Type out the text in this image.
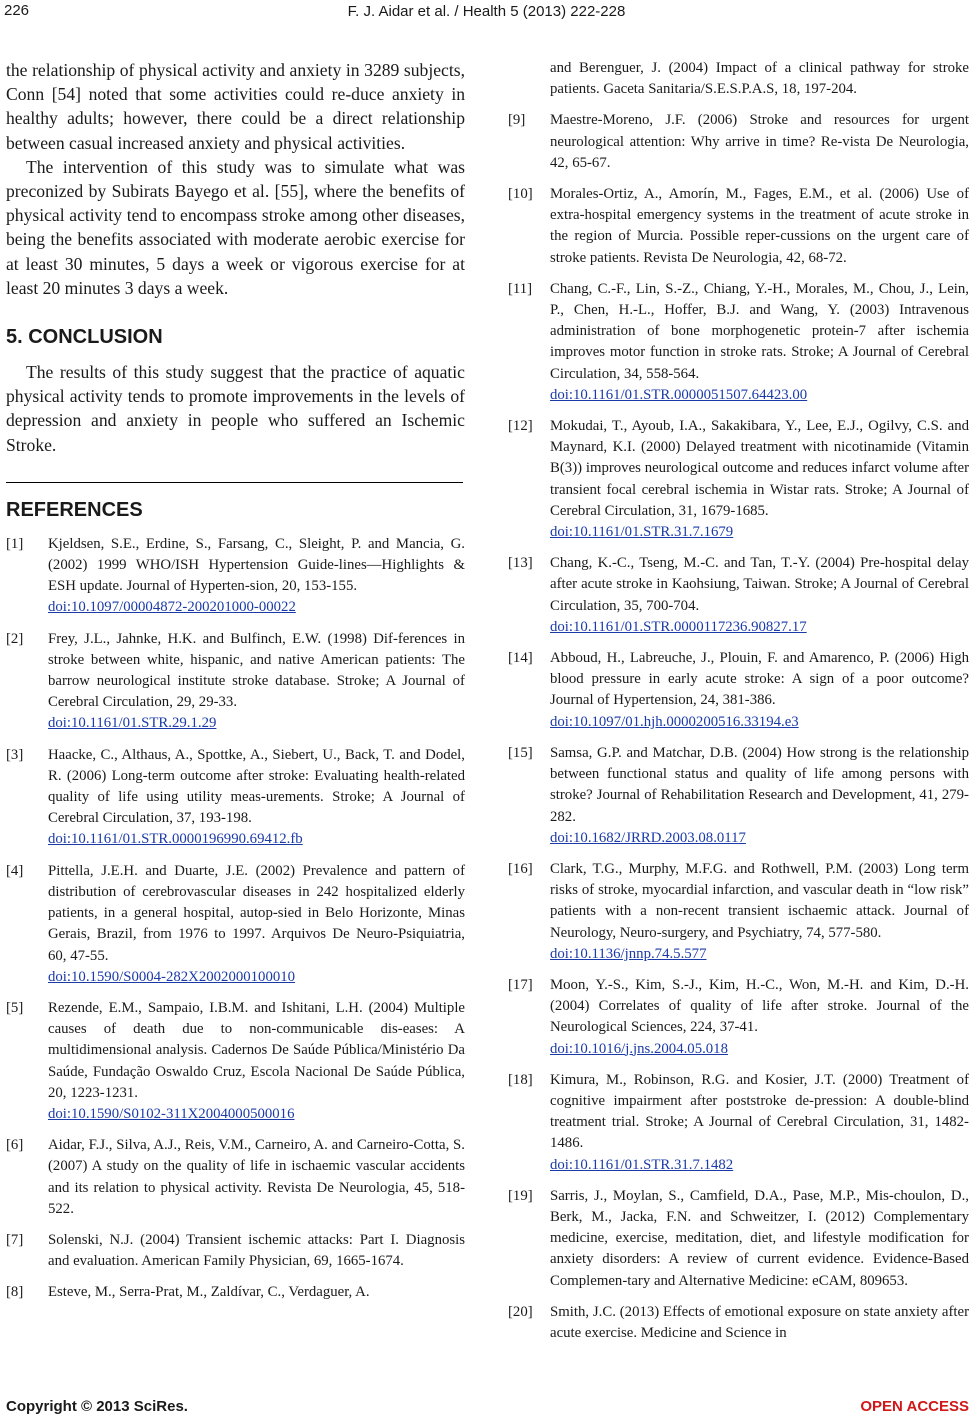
226	F. J. Aidar et al. / Health 5 (2013) 222-228

the relationship of physical activity and anxiety in 3289 subjects, Conn [54] noted that some activities could re-duce anxiety in healthy adults; however, there could be a direct relationship between casual increased anxiety and physical activities.

The intervention of this study was to simulate what was preconized by Subirats Bayego et al. [55], where the benefits of physical activity tend to encompass stroke among other diseases, being the benefits associated with moderate aerobic exercise for at least 30 minutes, 5 days a week or vigorous exercise for at least 20 minutes 3 days a week.

5. CONCLUSION

The results of this study suggest that the practice of aquatic physical activity tends to promote improvements in the levels of depression and anxiety in people who suffered an Ischemic Stroke.

REFERENCES
[1]	Kjeldsen, S.E., Erdine, S., Farsang, C., Sleight, P. and Mancia, G. (2002) 1999 WHO/ISH Hypertension Guide-lines—Highlights & ESH update. Journal of Hyperten-sion, 20, 153-155.
doi:10.1097/00004872-200201000-00022
[2]	Frey, J.L., Jahnke, H.K. and Bulfinch, E.W. (1998) Dif-ferences in stroke between white, hispanic, and native American patients: The barrow neurological institute stroke database. Stroke; A Journal of Cerebral Circulation, 29, 29-33.
doi:10.1161/01.STR.29.1.29
[3]	Haacke, C., Althaus, A., Spottke, A., Siebert, U., Back, T. and Dodel, R. (2006) Long-term outcome after stroke: Evaluating health-related quality of life using utility meas-urements. Stroke; A Journal of Cerebral Circulation, 37, 193-198.
doi:10.1161/01.STR.0000196990.69412.fb
[4]	Pittella, J.E.H. and Duarte, J.E. (2002) Prevalence and pattern of distribution of cerebrovascular diseases in 242 hospitalized elderly patients, in a general hospital, autop-sied in Belo Horizonte, Minas Gerais, Brazil, from 1976 to 1997. Arquivos De Neuro-Psiquiatria, 60, 47-55.
doi:10.1590/S0004-282X2002000100010
[5]	Rezende, E.M., Sampaio, I.B.M. and Ishitani, L.H. (2004) Multiple causes of death due to non-communicable dis-eases: A multidimensional analysis. Cadernos De Saúde Pública/Ministério Da Saúde, Fundação Oswaldo Cruz, Escola Nacional De Saúde Pública, 20, 1223-1231.
doi:10.1590/S0102-311X2004000500016
[6]	Aidar, F.J., Silva, A.J., Reis, V.M., Carneiro, A. and Carneiro-Cotta, S. (2007) A study on the quality of life in ischaemic vascular accidents and its relation to physical activity. Revista De Neurologia, 45, 518-522.
[7]	Solenski, N.J. (2004) Transient ischemic attacks: Part I. Diagnosis and evaluation. American Family Physician, 69, 1665-1674.
[8]	Esteve, M., Serra-Prat, M., Zaldívar, C., Verdaguer, A.
and Berenguer, J. (2004) Impact of a clinical pathway for stroke patients. Gaceta Sanitaria/S.E.S.P.A.S, 18, 197-204.
[9]	Maestre-Moreno, J.F. (2006) Stroke and resources for urgent neurological attention: Why arrive in time? Re-vista De Neurologia, 42, 65-67.
[10]	Morales-Ortiz, A., Amorín, M., Fages, E.M., et al. (2006) Use of extra-hospital emergency systems in the treatment of acute stroke in the region of Murcia. Possible reper-cussions on the urgent care of stroke patients. Revista De Neurologia, 42, 68-72.
[11]	Chang, C.-F., Lin, S.-Z., Chiang, Y.-H., Morales, M., Chou, J., Lein, P., Chen, H.-L., Hoffer, B.J. and Wang, Y. (2003) Intravenous administration of bone morphogenetic protein-7 after ischemia improves motor function in stroke rats. Stroke; A Journal of Cerebral Circulation, 34, 558-564.
doi:10.1161/01.STR.0000051507.64423.00
[12]	Mokudai, T., Ayoub, I.A., Sakakibara, Y., Lee, E.J., Ogilvy, C.S. and Maynard, K.I. (2000) Delayed treatment with nicotinamide (Vitamin B(3)) improves neurological outcome and reduces infarct volume after transient focal cerebral ischemia in Wistar rats. Stroke; A Journal of Cerebral Circulation, 31, 1679-1685.
doi:10.1161/01.STR.31.7.1679
[13]	Chang, K.-C., Tseng, M.-C. and Tan, T.-Y. (2004) Pre-hospital delay after acute stroke in Kaohsiung, Taiwan. Stroke; A Journal of Cerebral Circulation, 35, 700-704.
doi:10.1161/01.STR.0000117236.90827.17
[14]	Abboud, H., Labreuche, J., Plouin, F. and Amarenco, P. (2006) High blood pressure in early acute stroke: A sign of a poor outcome? Journal of Hypertension, 24, 381-386.
doi:10.1097/01.hjh.0000200516.33194.e3
[15]	Samsa, G.P. and Matchar, D.B. (2004) How strong is the relationship between functional status and quality of life among persons with stroke? Journal of Rehabilitation Research and Development, 41, 279-282.
doi:10.1682/JRRD.2003.08.0117
[16]	Clark, T.G., Murphy, M.F.G. and Rothwell, P.M. (2003) Long term risks of stroke, myocardial infarction, and vascular death in “low risk” patients with a non-recent transient ischaemic attack. Journal of Neurology, Neuro-surgery, and Psychiatry, 74, 577-580.
doi:10.1136/jnnp.74.5.577
[17]	Moon, Y.-S., Kim, S.-J., Kim, H.-C., Won, M.-H. and Kim, D.-H. (2004) Correlates of quality of life after stroke. Journal of the Neurological Sciences, 224, 37-41.
doi:10.1016/j.jns.2004.05.018
[18]	Kimura, M., Robinson, R.G. and Kosier, J.T. (2000) Treatment of cognitive impairment after poststroke de-pression: A double-blind treatment trial. Stroke; A Journal of Cerebral Circulation, 31, 1482-1486.
doi:10.1161/01.STR.31.7.1482
[19]	Sarris, J., Moylan, S., Camfield, D.A., Pase, M.P., Mis-choulon, D., Berk, M., Jacka, F.N. and Schweitzer, I. (2012) Complementary medicine, exercise, meditation, diet, and lifestyle modification for anxiety disorders: A review of current evidence. Evidence-Based Complemen-tary and Alternative Medicine: eCAM, 809653.
[20]	Smith, J.C. (2013) Effects of emotional exposure on state anxiety after acute exercise. Medicine and Science in
Copyright © 2013 SciRes.	OPEN ACCESS
